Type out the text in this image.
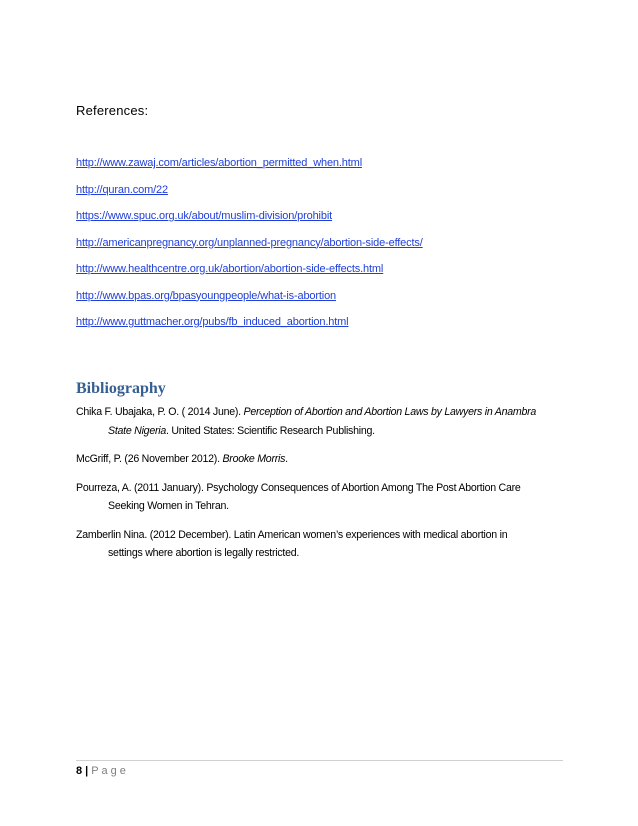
References:
http://www.zawaj.com/articles/abortion_permitted_when.html
http://quran.com/22
https://www.spuc.org.uk/about/muslim-division/prohibit
http://americanpregnancy.org/unplanned-pregnancy/abortion-side-effects/
http://www.healthcentre.org.uk/abortion/abortion-side-effects.html
http://www.bpas.org/bpasyoungpeople/what-is-abortion
http://www.guttmacher.org/pubs/fb_induced_abortion.html
Bibliography
Chika F. Ubajaka, P. O. ( 2014 June). Perception of Abortion and Abortion Laws by Lawyers in Anambra
State Nigeria. United States: Scientific Research Publishing.
McGriff, P. (26 November 2012). Brooke Morris.
Pourreza, A. (2011 January). Psychology Consequences of Abortion Among The Post Abortion Care
Seeking Women in Tehran.
Zamberlin Nina. (2012 December). Latin American women’s experiences with medical abortion in
settings where abortion is legally restricted.
8 | Page
